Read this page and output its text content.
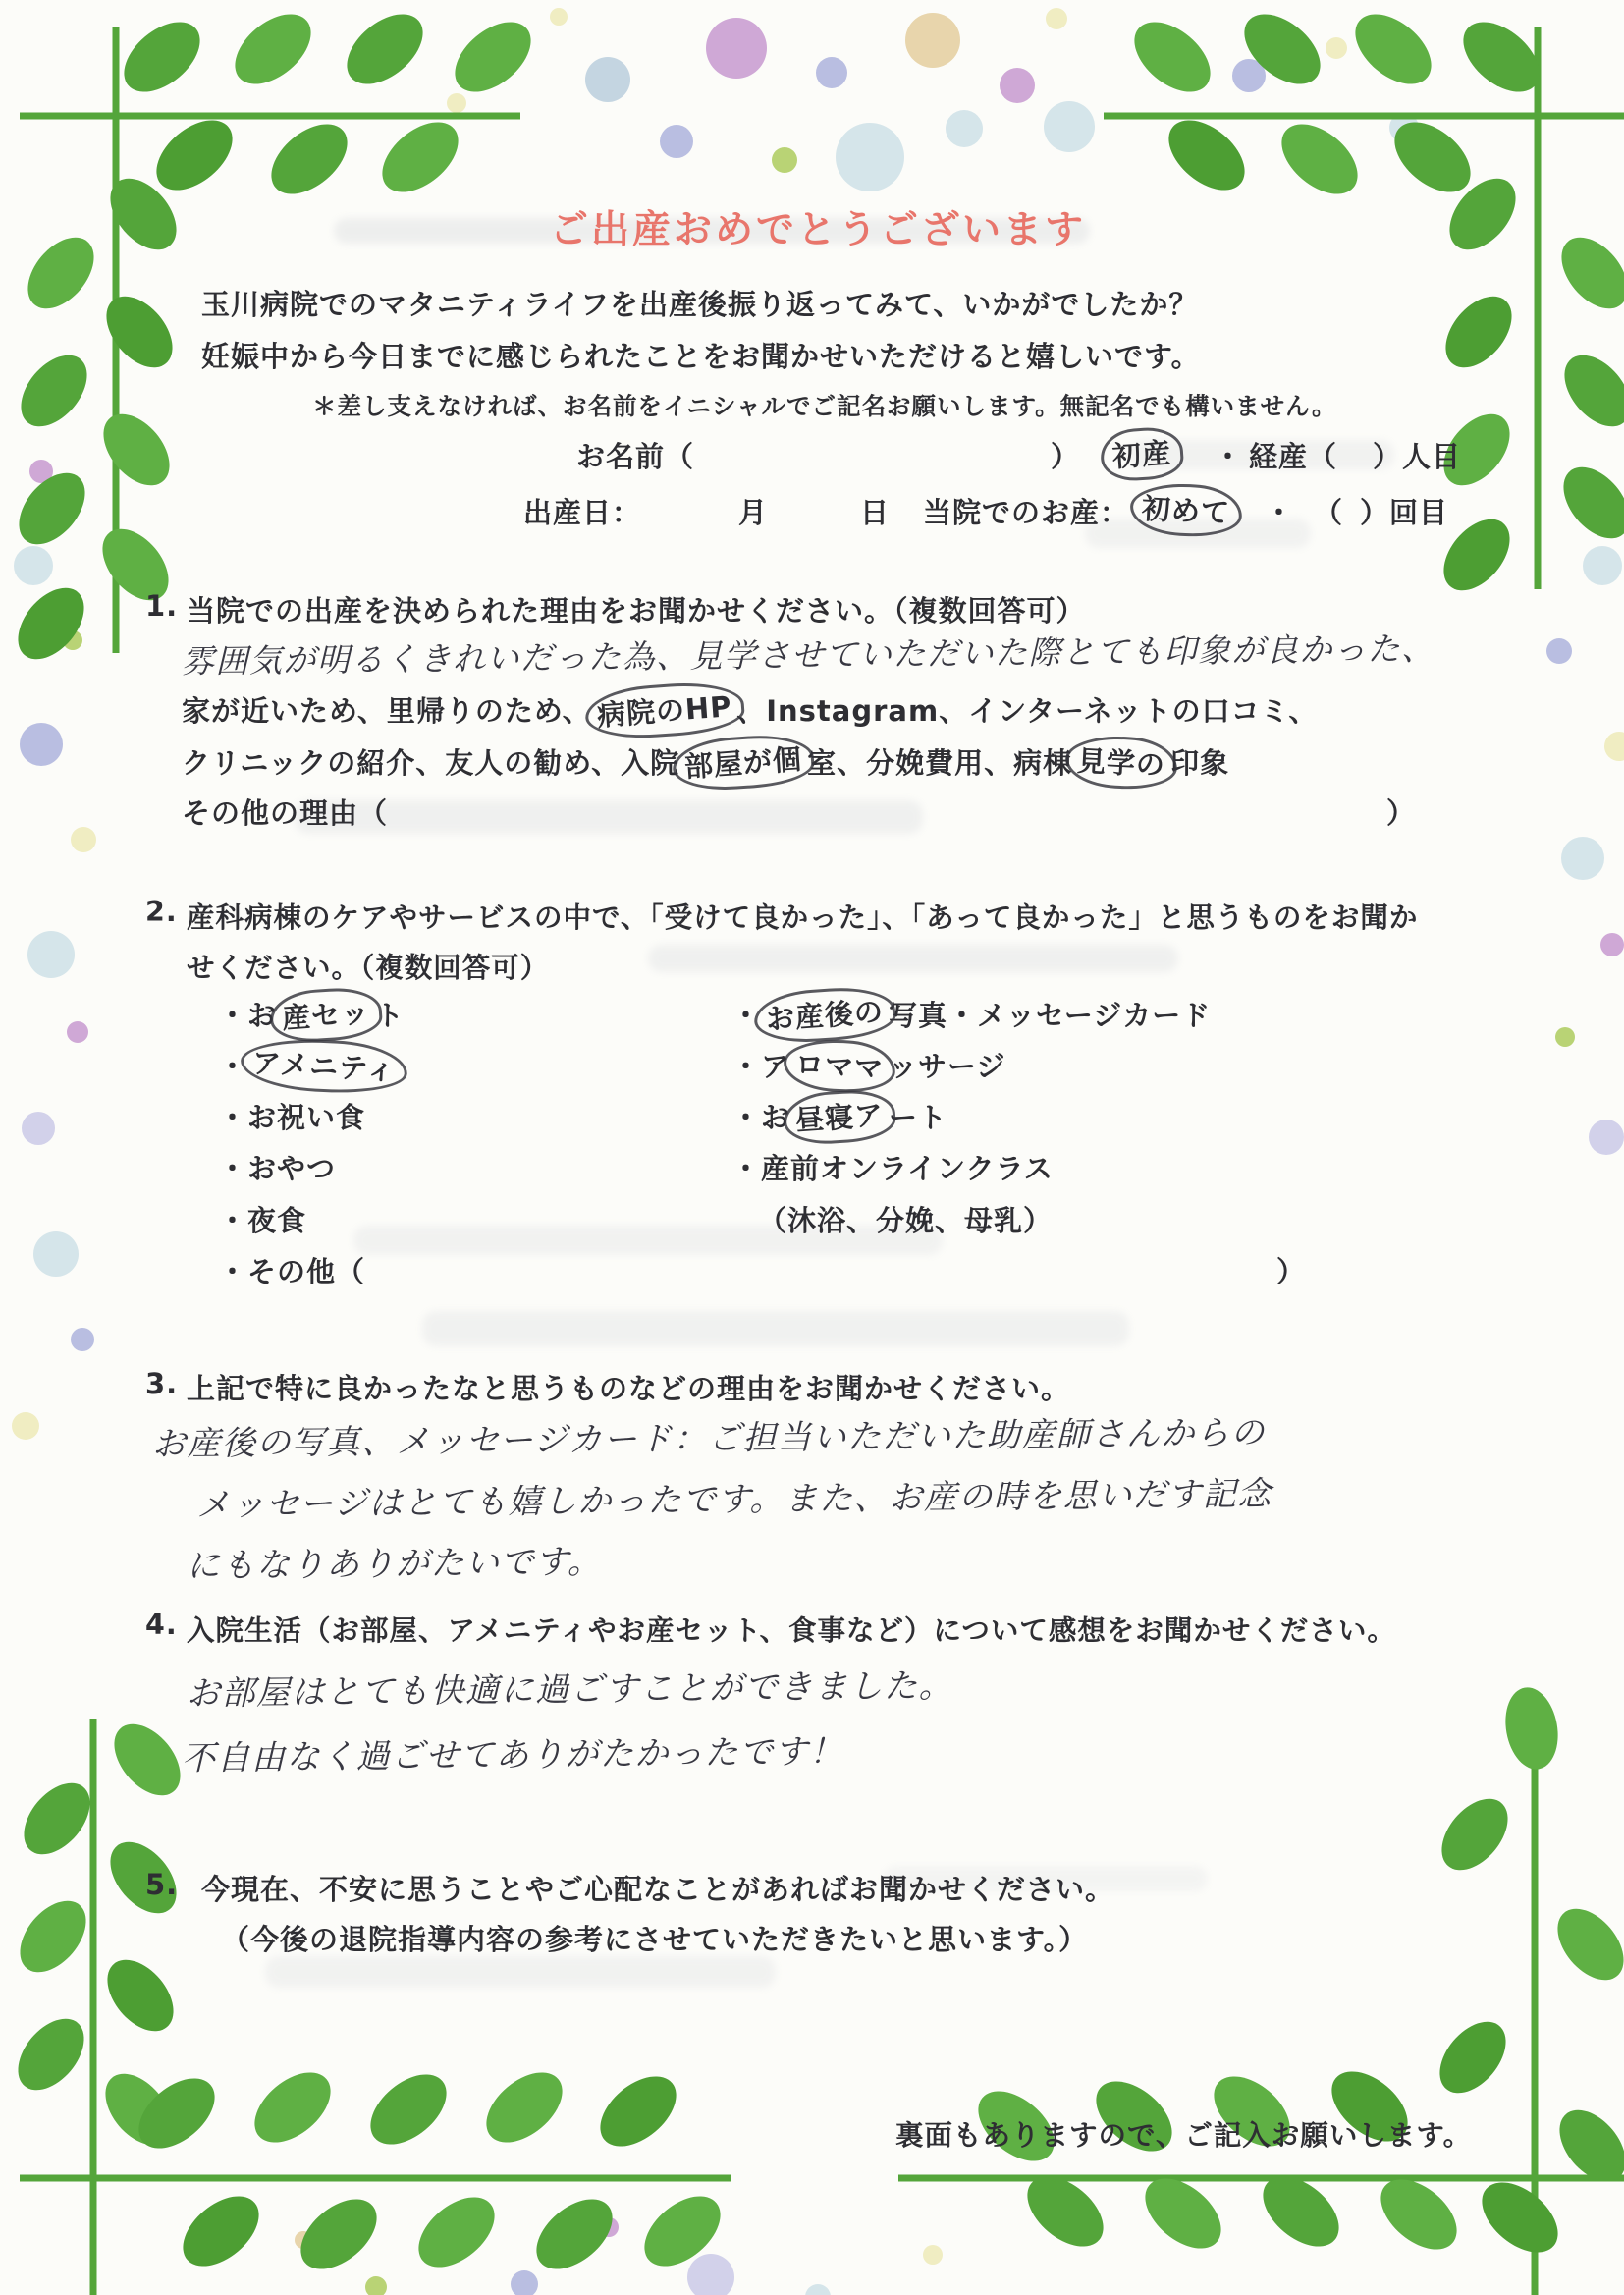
ご出産おめでとうございます
玉川病院でのマタニティライフを出産後振り返ってみて、いかがでしたか？
妊娠中から今日までに感じられたことをお聞かせいただけると嬉しいです。
＊差し支えなければ、お名前をイニシャルでご記名お願いします。無記名でも構いません。
お名前（	） 初産 ・ 経産（ ）人目
出産日：	月	日 当院でのお産： 初めて ・ （ ）回目
1. 当院での出産を決められた理由をお聞かせください。（複数回答可）
雰囲気が明るくきれいだった為、見学させていただいた際とても印象が良かった、
家が近いため、里帰りのため、 病院のHP 、Instagram、インターネットの口コミ、
クリニックの紹介、友人の勧め、入院 部屋が個 室、分娩費用、病棟 見学の 印象
その他の理由（	）
2. 産科病棟のケアやサービスの中で、「受けて良かった」、「あって良かった」と思うものをお聞か
せください。（複数回答可）
・お 産セッ ト
・ アメニティ
・お祝い食
・おやつ
・夜食
・その他（	）
・ お産後の 写真・メッセージカード
・ア ロママ ッサージ
・お 昼寝ア ート
・産前オンラインクラス
（沐浴、分娩、母乳）
3. 上記で特に良かったなと思うものなどの理由をお聞かせください。
お産後の写真、メッセージカード：ご担当いただいた助産師さんからの
メッセージはとても嬉しかったです。また、お産の時を思いだす記念
にもなりありがたいです。
4. 入院生活（お部屋、アメニティやお産セット、食事など）について感想をお聞かせください。
お部屋はとても快適に過ごすことができました。
不自由なく過ごせてありがたかったです！
5. 今現在、不安に思うことやご心配なことがあればお聞かせください。
（今後の退院指導内容の参考にさせていただきたいと思います。）
裏面もありますので、ご記入お願いします。
